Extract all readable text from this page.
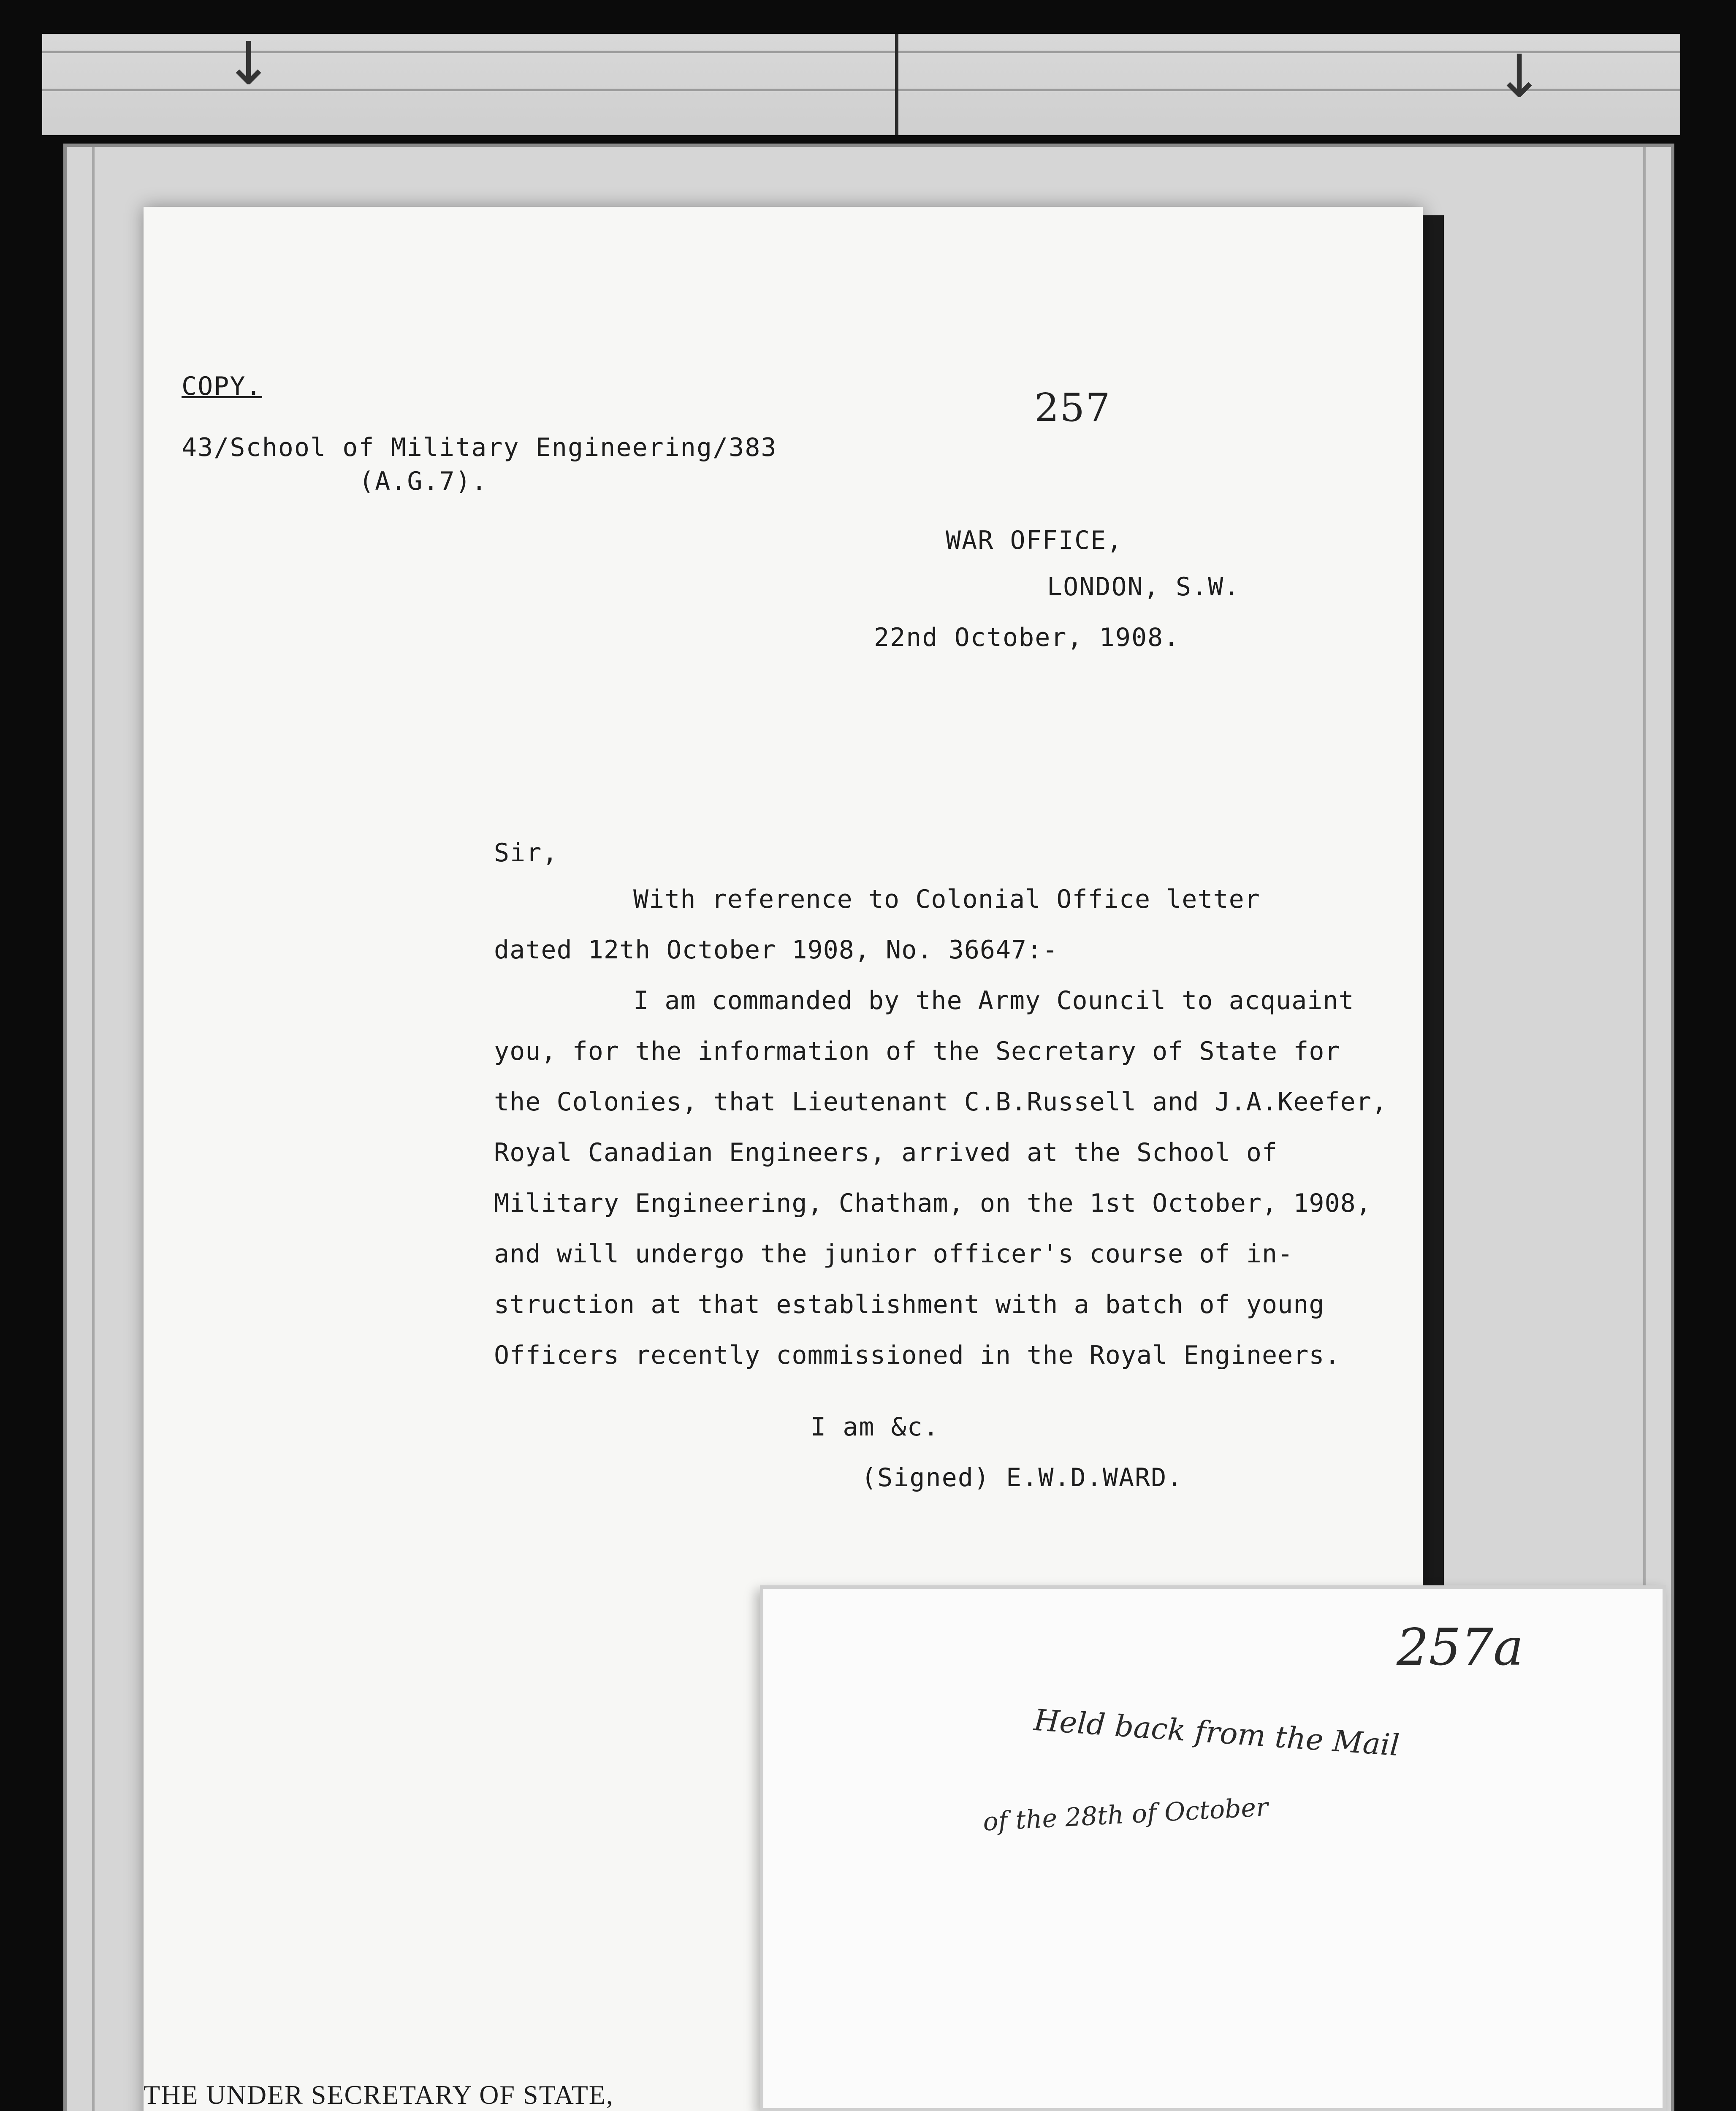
↓	↓
COPY.
43/School of Military Engineering/383
(A.G.7).
257
WAR OFFICE,
LONDON, S.W.
22nd October, 1908.
Sir,
With reference to Colonial Office letter
dated 12th October 1908, No. 36647:-
I am commanded by the Army Council to acquaint
you, for the information of the Secretary of State for
the Colonies, that Lieutenant C.B.Russell and J.A.Keefer,
Royal Canadian Engineers, arrived at the School of
Military Engineering, Chatham, on the 1st October, 1908,
and will undergo the junior officer's course of in-
struction at that establishment with a batch of young
Officers recently commissioned in the Royal Engineers.
I am &c.
(Signed) E.W.D.WARD.
THE UNDER SECRETARY OF STATE,
257a
Held back from the Mail
of the 28th of October
